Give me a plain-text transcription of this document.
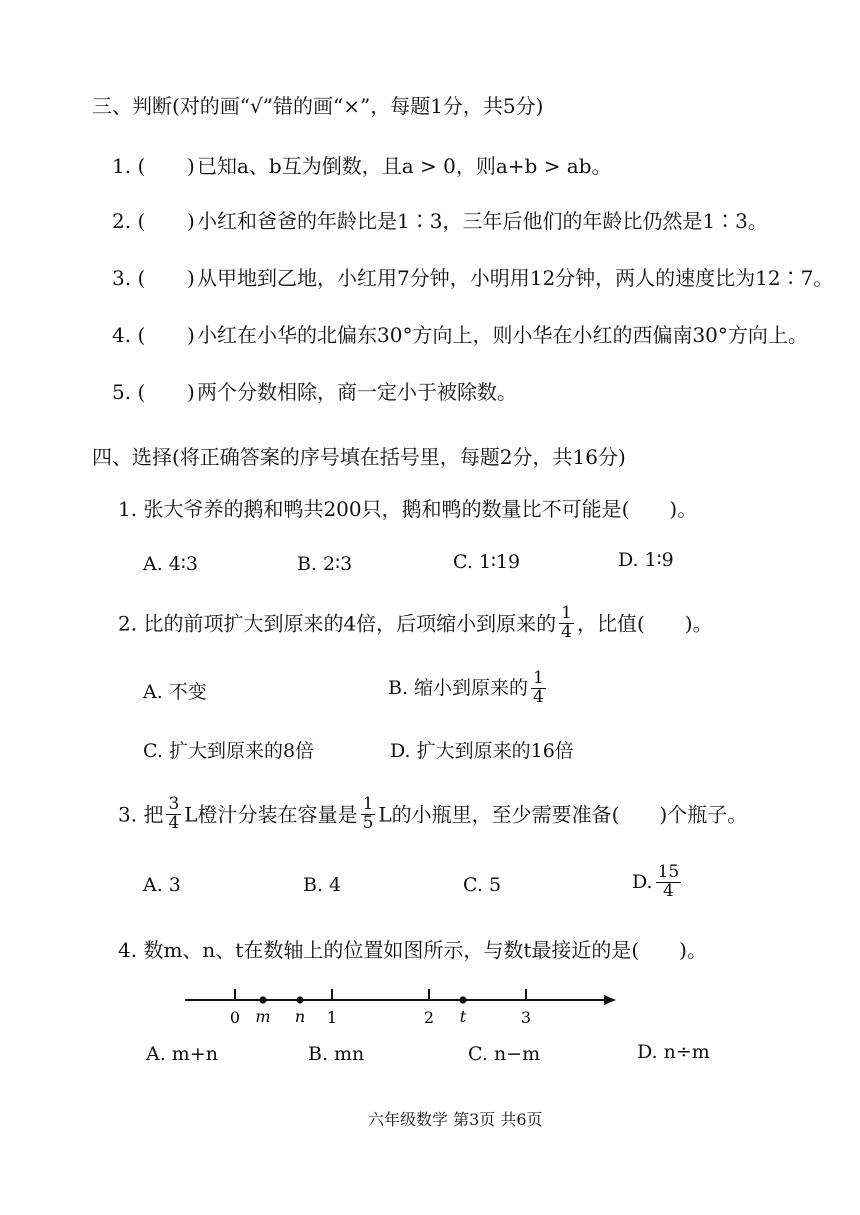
三、判断(对的画“√”错的画“×”，每题1分，共5分)
1. ( ) 已知a、b互为倒数，且a > 0，则a+b > ab。
2. ( ) 小红和爸爸的年龄比是1∶3，三年后他们的年龄比仍然是1∶3。
3. ( ) 从甲地到乙地，小红用7分钟，小明用12分钟，两人的速度比为12∶7。
4. ( ) 小红在小华的北偏东30°方向上，则小华在小红的西偏南30°方向上。
5. ( ) 两个分数相除，商一定小于被除数。
四、选择(将正确答案的序号填在括号里，每题2分，共16分)
1. 张大爷养的鹅和鸭共200只，鹅和鸭的数量比不可能是(　　)。
A. 4∶3	B. 2∶3	C. 1∶19	D. 1∶9
2. 比的前项扩大到原来的4倍，后项缩小到原来的 $\frac{1}{4}$ ，比值(　　)。
A. 不变	B. 缩小到原来的 $\frac{1}{4}$
C. 扩大到原来的8倍	D. 扩大到原来的16倍
3. 把 $\frac{3}{4}$ L橙汁分装在容量是 $\frac{1}{5}$ L的小瓶里，至少需要准备(　　)个瓶子。
A. 3	B. 4	C. 5	D. $\frac{15}{4}$
4. 数m、n、t在数轴上的位置如图所示，与数t最接近的是(　　)。
0	1	2	3
m n	t
A. m+n	B. mn	C. n−m	D. n÷m
六年级数学 第3页 共6页
